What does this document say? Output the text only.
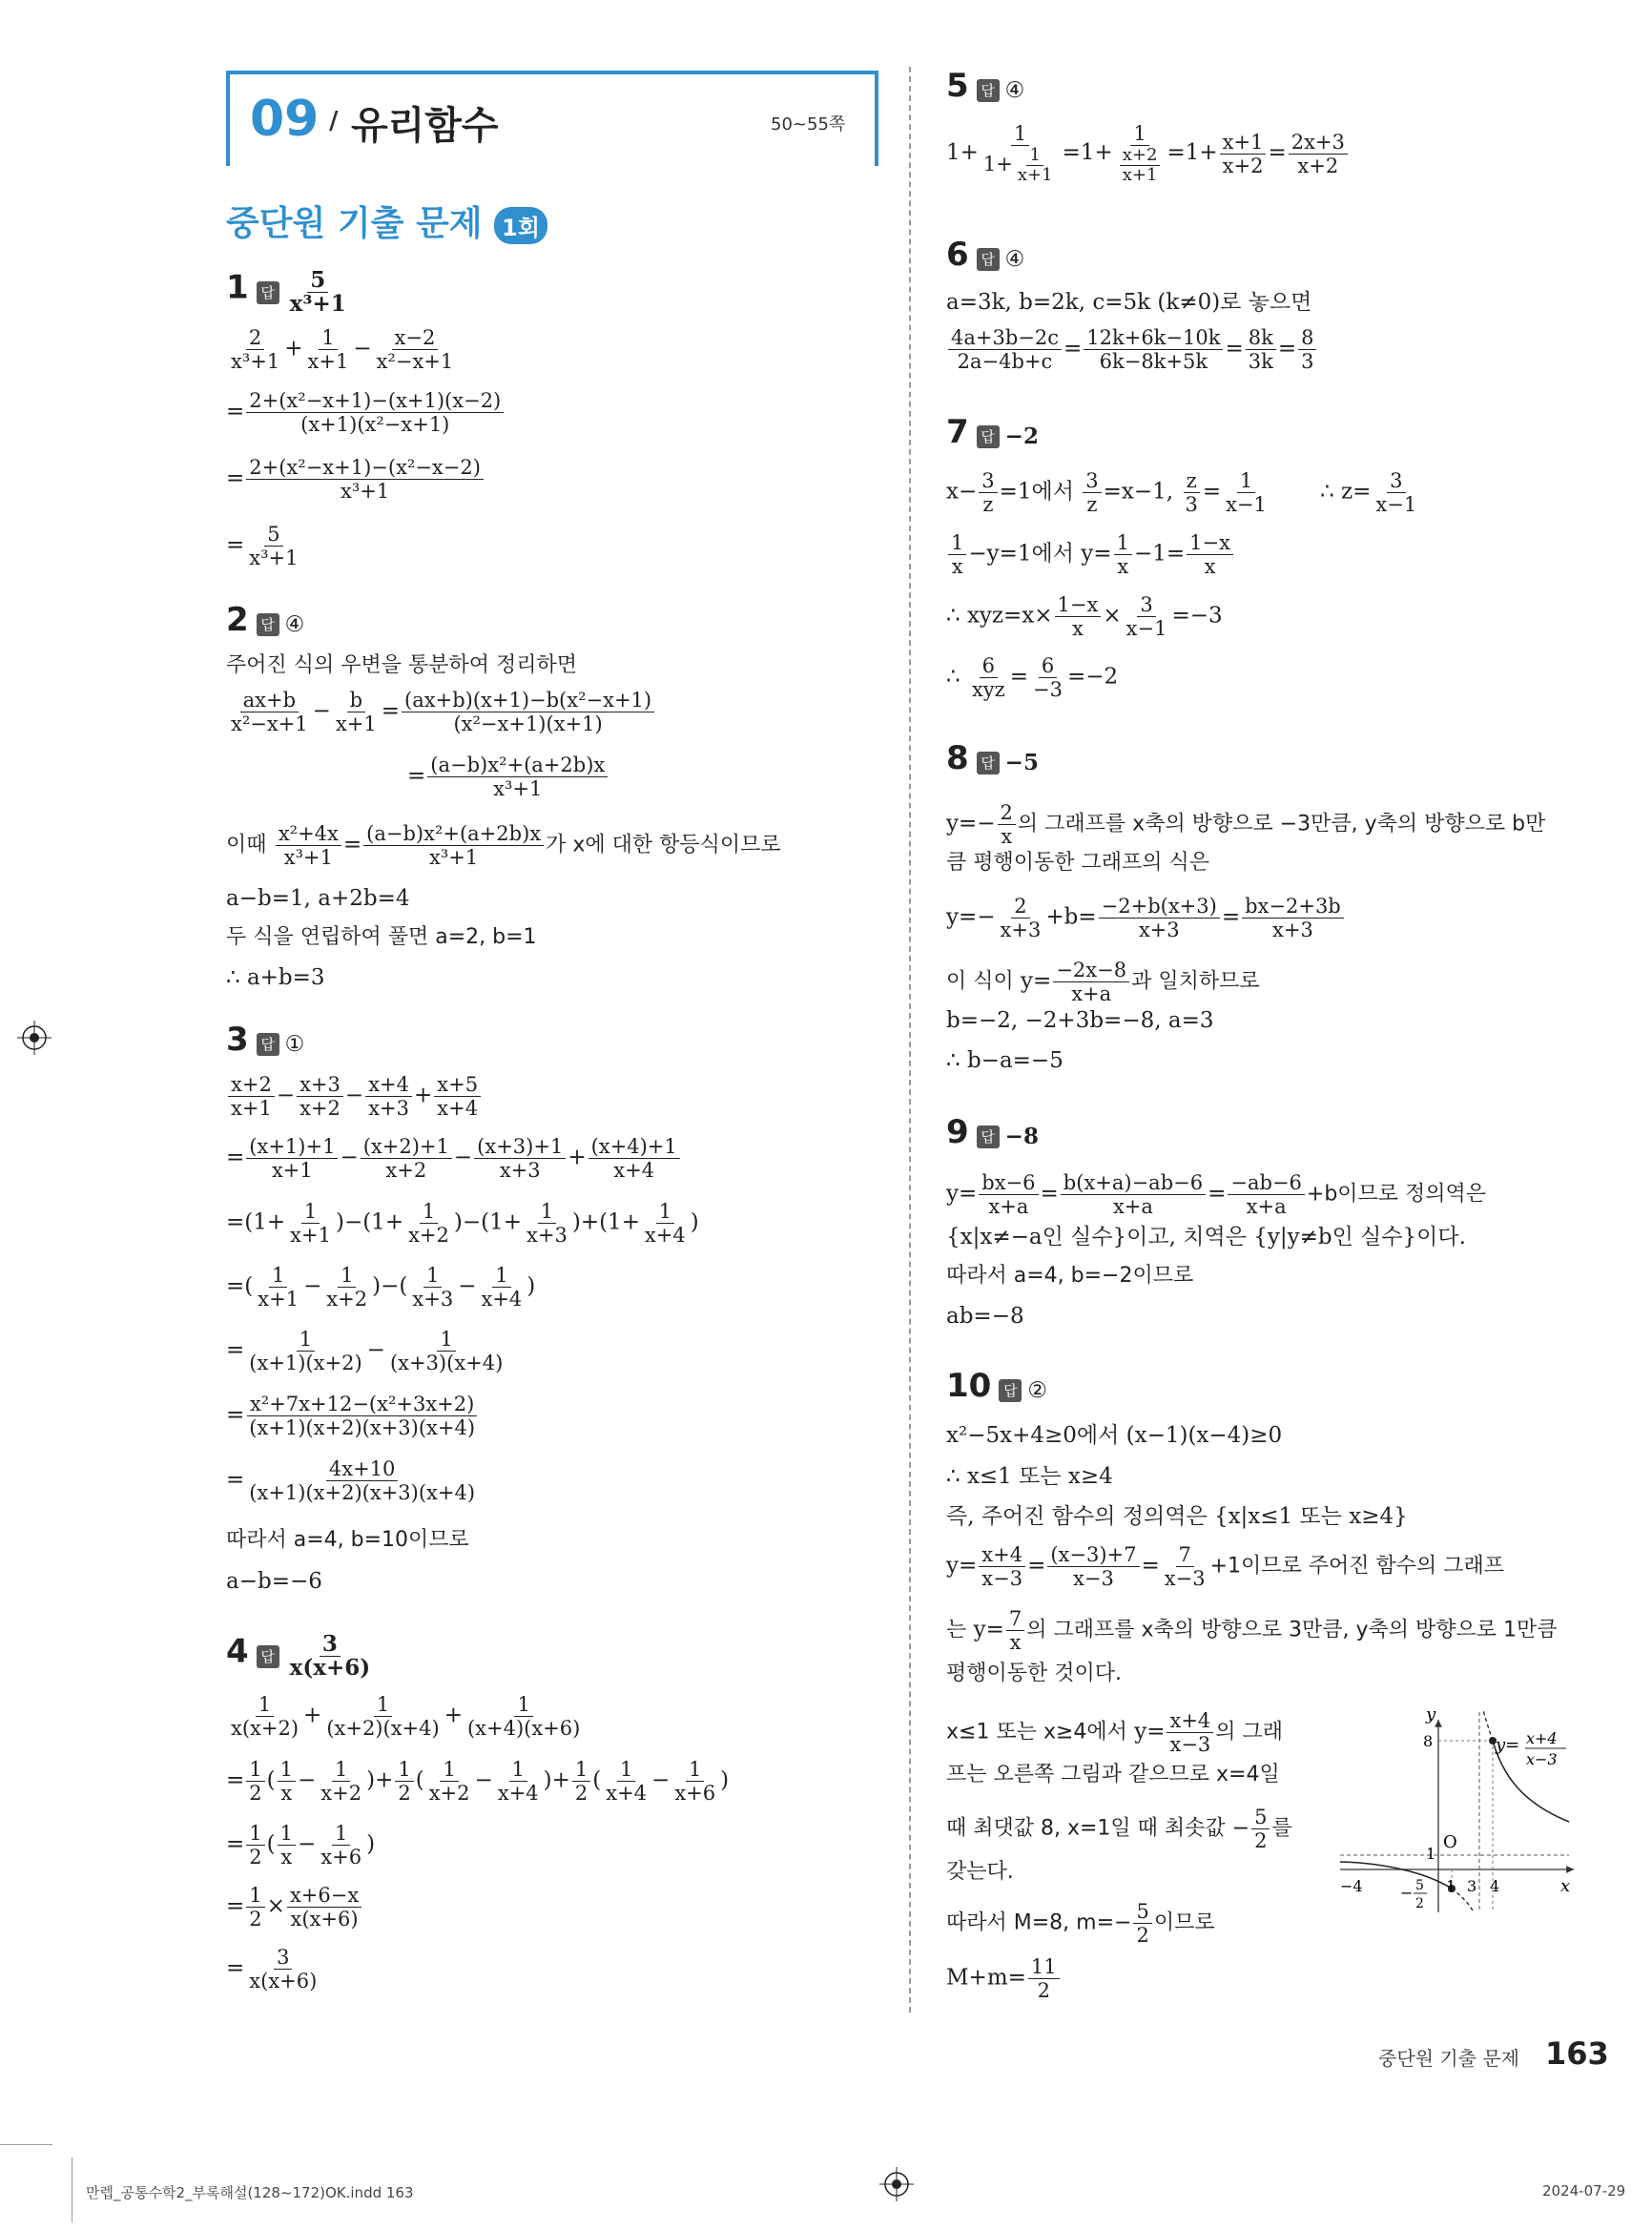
09 / 유리함수	50~55쪽
중단원 기출 문제 1회
1 답 $\frac{5}{\text{x³+1}}$
$\frac{2}{\text{x³+1}} + \frac{1}{x+1} - \frac{x-2}{\text{x²−x+1}}$
= $\frac{\text{2+(x²−x+1)−(x+1)(x−2)}}{\text{(x+1)(x²−x+1)}}$
= $\frac{\text{2+(x²−x+1)−(x²−x−2)}}{\text{x³+1}}$
= $\frac{5}{\text{x³+1}}$
2 답 ④
주어진 식의 우변을 통분하여 정리하면
$\frac{ax+b}{\text{x²−x+1}} - \frac{b}{x+1} = \frac{\text{(ax+b)(x+1)−b(x²−x+1)}}{\text{(x²−x+1)(x+1)}}$
= $\frac{\text{(a−b)x²+(a+2b)x}}{\text{x³+1}}$
이때 $\frac{\text{x²+4x}}{\text{x³+1}} = \frac{\text{(a−b)x²+(a+2b)x}}{\text{x³+1}}$ 가 x에 대한 항등식이므로
a−b=1, a+2b=4
두 식을 연립하여 풀면 a=2, b=1
∴ a+b=3
3 답 ①
$\frac{x+2}{x+1} - \frac{x+3}{x+2} - \frac{x+4}{x+3} + \frac{x+5}{x+4}$
= $\frac{(x+1)+1}{x+1} - \frac{(x+2)+1}{x+2} - \frac{(x+3)+1}{x+3} + \frac{(x+4)+1}{x+4}$
$=(1+ \frac{1}{x+1} )-(1+ \frac{1}{x+2} )-(1+ \frac{1}{x+3} )+(1+ \frac{1}{x+4}$ )
=( $\frac{1}{x+1} - \frac{1}{x+2}$ )−( $\frac{1}{x+3} - \frac{1}{x+4}$ )
= $\frac{1}{(x+1)(x+2)} - \frac{1}{(x+3)(x+4)}$
= $\frac{\text{x²+7x+12−(x²+3x+2)}}{(x+1)(x+2)(x+3)(x+4)}$
= $\frac{4x+10}{(x+1)(x+2)(x+3)(x+4)}$
따라서 a=4, b=10이므로
a−b=−6
4 답 $\frac{3}{x(x+6)}$
$\frac{1}{x(x+2)} + \frac{1}{(x+2)(x+4)} + \frac{1}{(x+4)(x+6)}$
= $\frac{1}{2}$ ( $\frac{1}{x} - \frac{1}{x+2}$ )+ $\frac{1}{2}$ ( $\frac{1}{x+2} - \frac{1}{x+4}$ )+ $\frac{1}{2}$ ( $\frac{1}{x+4} - \frac{1}{x+6}$ )
= $\frac{1}{2}$ ( $\frac{1}{x} - \frac{1}{x+6}$ )
= $\frac{1}{2} \times \frac{x+6-x}{x(x+6)}$
= $\frac{3}{x(x+6)}$
5 답 ④
$1+ \frac{1}{1+ \frac{1}{x+1}} =1+ \frac{1}{\frac{x+2}{x+1}} =1+ \frac{x+1}{x+2} = \frac{2x+3}{x+2}$
6 답 ④
a=3k, b=2k, c=5k (k≠0)로 놓으면
$\frac{4a+3b-2c}{2a-4b+c} = \frac{12k+6k-10k}{6k-8k+5k} = \frac{8k}{3k} = \frac{8}{3}$
7 답 −2
$x- \frac{3}{z} =1$에서 $\frac{3}{z} =x-1$, $\frac{z}{3} = \frac{1}{x-1}$ ∴ $z= \frac{3}{x-1}$
$\frac{1}{x} -y=1$에서 $y= \frac{1}{x} -1= \frac{1-x}{x}$
∴ $xyz=x\times \frac{1-x}{x} \times \frac{3}{x-1} =-3$
∴ $\frac{6}{\text{xyz}} = \frac{6}{-3} =-2$
8 답 −5
$y=- \frac{2}{x}$ 의 그래프를 x축의 방향으로 −3만큼, y축의 방향으로 b만
큼 평행이동한 그래프의 식은
$y=- \frac{2}{x+3} +b= \frac{-2+b(x+3)}{x+3} = \frac{bx-2+3b}{x+3}$
이 식이 $y= \frac{-2x-8}{x+a}$ 과 일치하므로
b=−2, −2+3b=−8, a=3
∴ b−a=−5
9 답 −8
$y= \frac{bx-6}{x+a} = \frac{b(x+a)-ab-6}{x+a} = \frac{-ab-6}{x+a} +b$이므로 정의역은
{x|x≠−a인 실수}이고, 치역은 {y|y≠b인 실수}이다.
따라서 a=4, b=−2이므로
ab=−8
10 답 ②
x²−5x+4≥0에서 (x−1)(x−4)≥0
∴ x≤1 또는 x≥4
즉, 주어진 함수의 정의역은 {x|x≤1 또는 x≥4}
$y= \frac{x+4}{x-3} = \frac{(x-3)+7}{x-3} = \frac{7}{x-3} +1$이므로 주어진 함수의 그래프
는 $y= \frac{7}{x}$ 의 그래프를 x축의 방향으로 3만큼, y축의 방향으로 1만큼
평행이동한 것이다.
x≤1 또는 x≥4에서 $y= \frac{x+4}{x-3}$ 의 그래
프는 오른쪽 그림과 같으므로 x=4일
때 최댓값 8, x=1일 때 최솟값 − $\frac{5}{2}$ 를
갖는다.
따라서 M=8, $m=- \frac{5}{2}$ 이므로
$M+m= \frac{11}{2}$
y
x
O
8
1
−4	1 3 4
y= x+4
x−3
− 5
2
중단원 기출 문제 163
만렙_공통수학2_부록해설(128~172)OK.indd 163	2024-07-29
